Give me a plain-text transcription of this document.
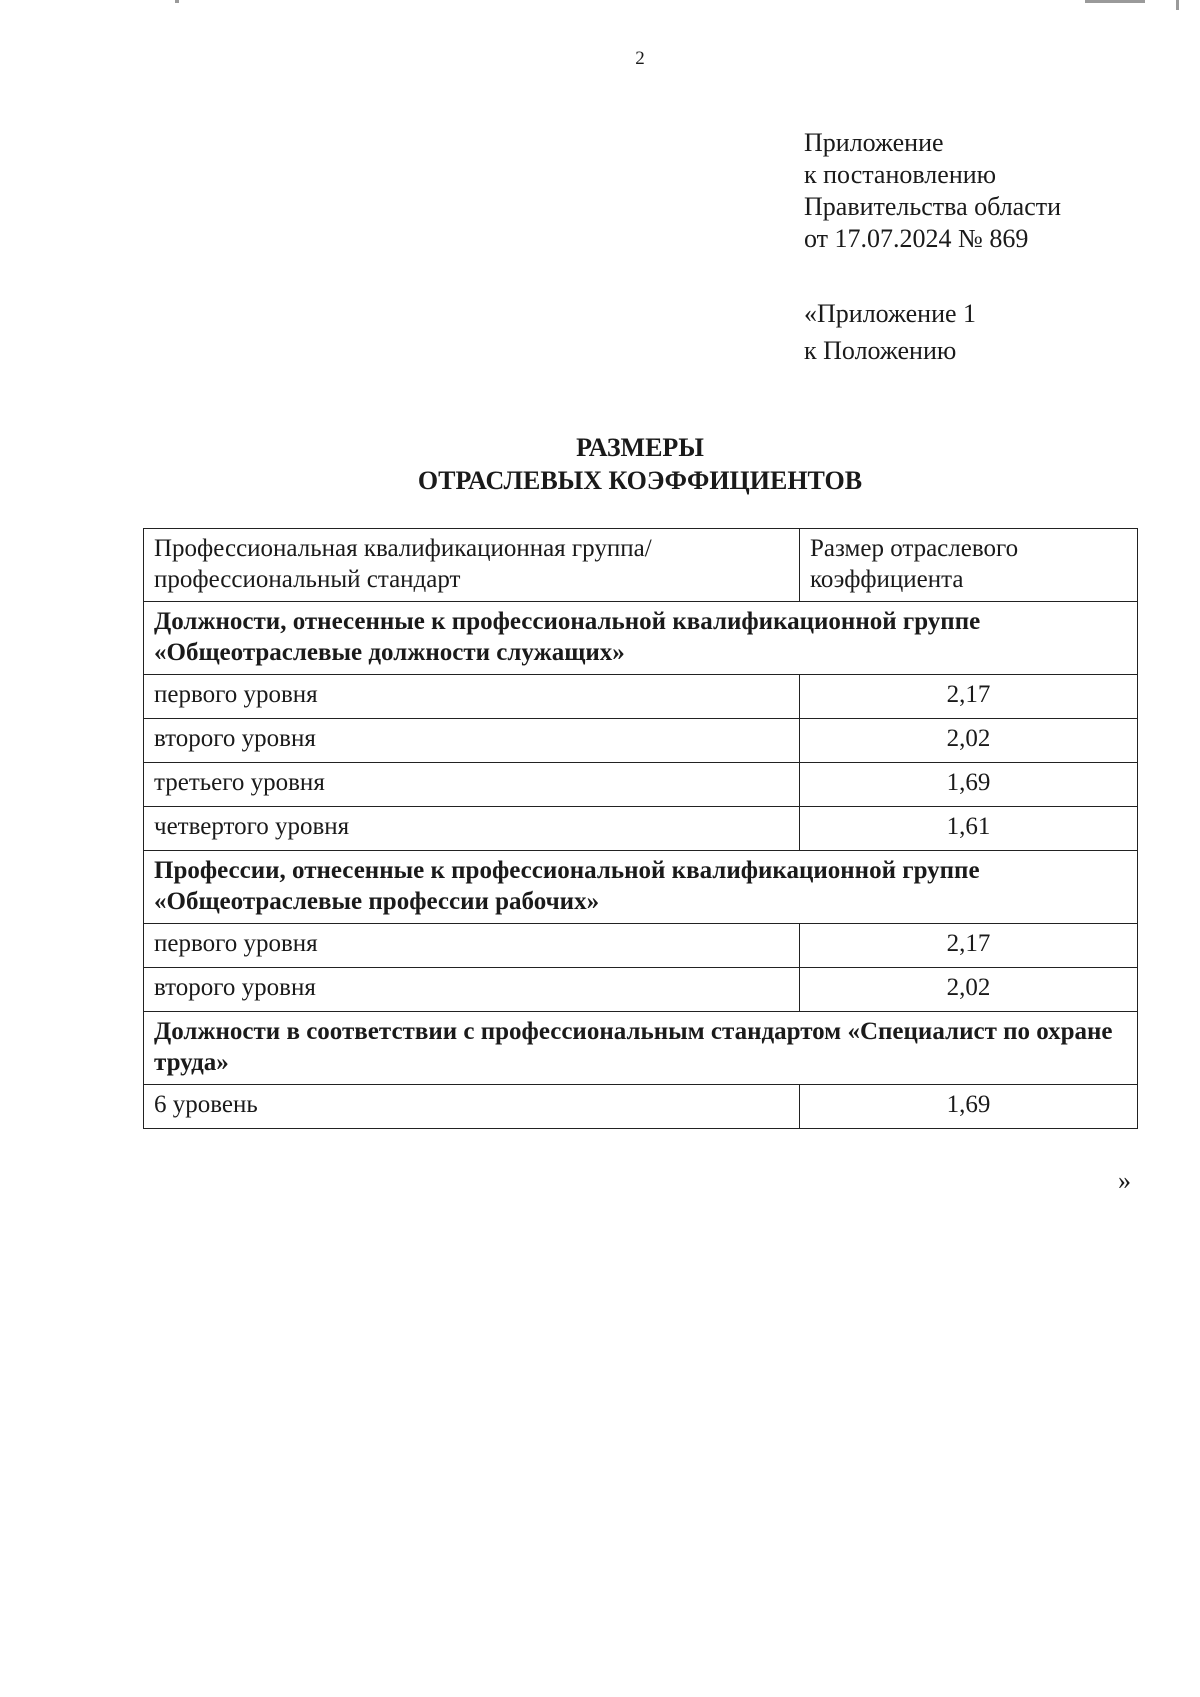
2
Приложение
к постановлению
Правительства области
от 17.07.2024 № 869
«Приложение 1
к Положению
РАЗМЕРЫ
ОТРАСЛЕВЫХ КОЭФФИЦИЕНТОВ
Профессиональная квалификационная группа/профессиональный стандарт	Размер отраслевого коэффициента
Должности, отнесенные к профессиональной квалификационной группе «Общеотраслевые должности служащих»	
первого уровня	2,17
второго уровня	2,02
третьего уровня	1,69
четвертого уровня	1,61
Профессии, отнесенные к профессиональной квалификационной группе «Общеотраслевые профессии рабочих»	
первого уровня	2,17
второго уровня	2,02
Должности в соответствии с профессиональным стандартом «Специалист по охране труда»	
6 уровень	1,69
»
